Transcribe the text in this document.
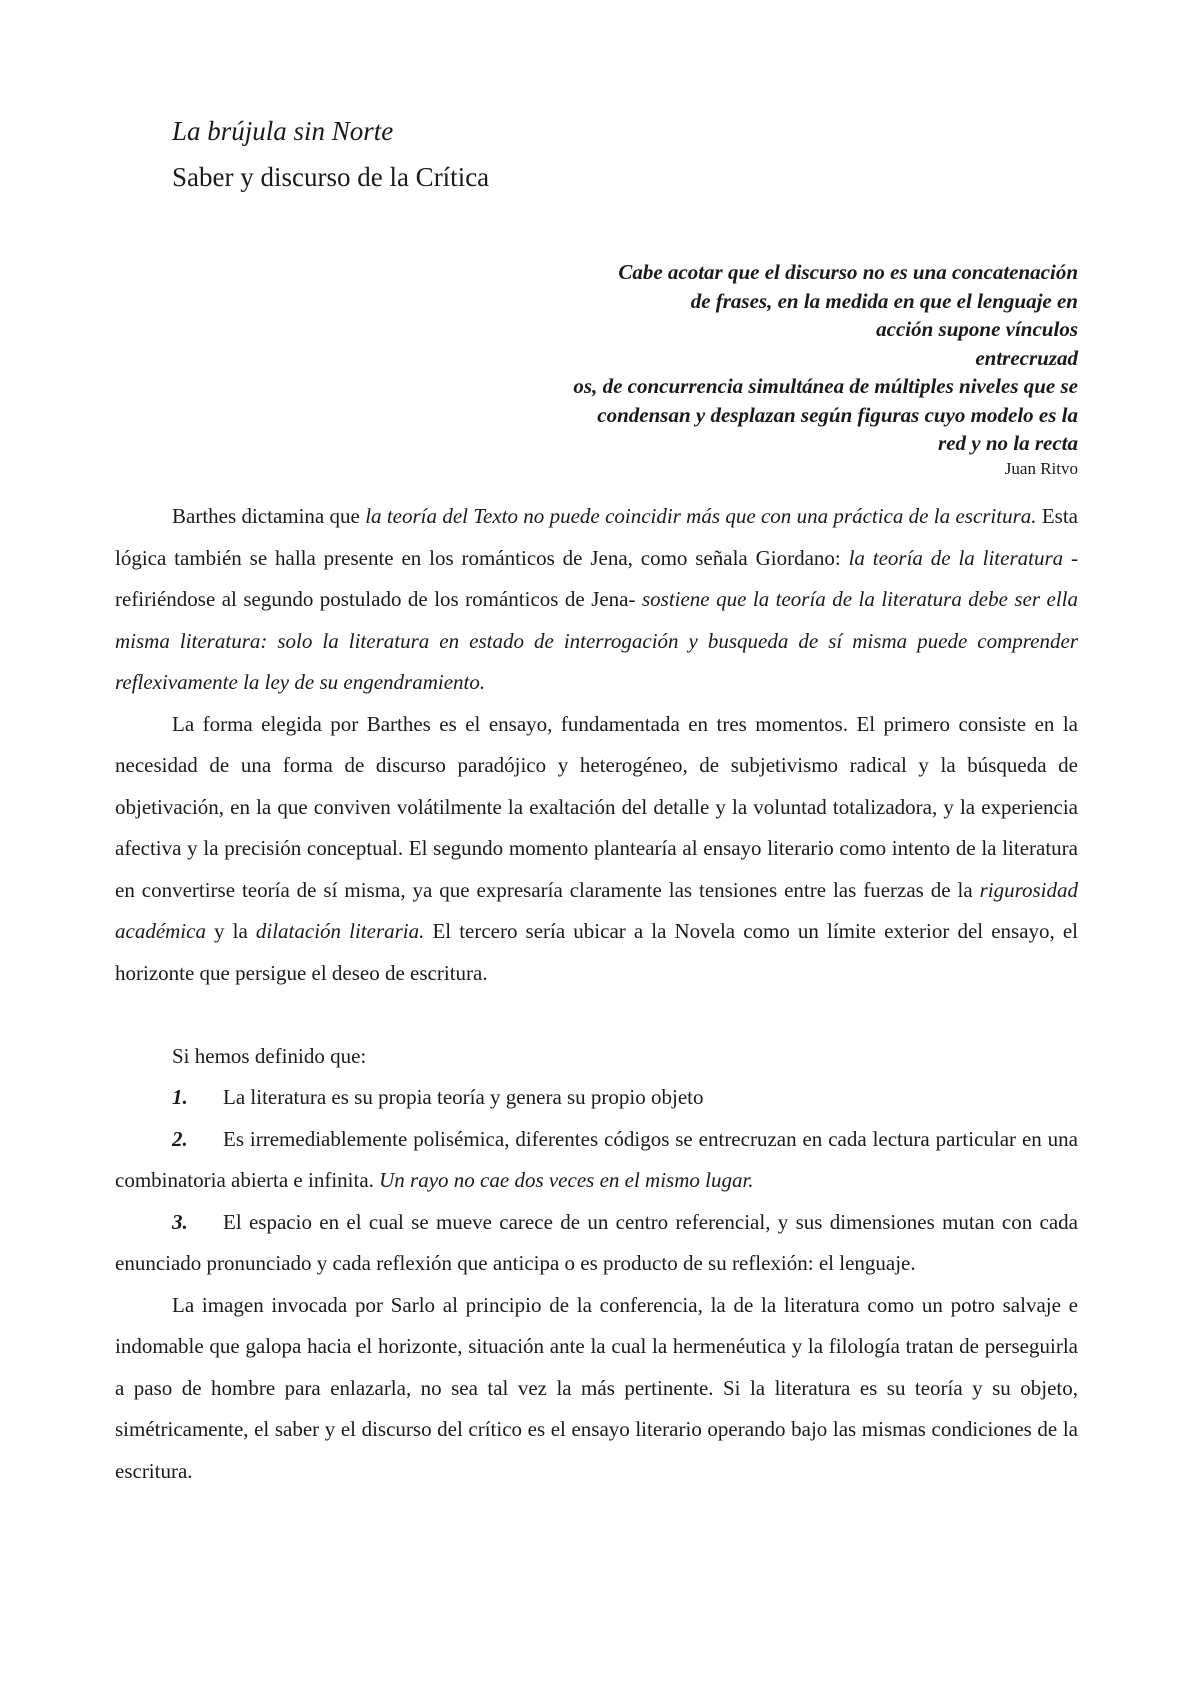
La brújula sin Norte
Saber y discurso de la Crítica
Cabe acotar que el discurso no es una concatenación
de frases, en la medida en que el lenguaje en
acción supone vínculos
entrecruzad
os, de concurrencia simultánea de múltiples niveles que se
condensan y desplazan según figuras cuyo modelo es la
red y no la recta
Juan Ritvo

Barthes dictamina que la teoría del Texto no puede coincidir más que con una práctica de la escritura. Esta lógica también se halla presente en los románticos de Jena, como señala Giordano: la teoría de la literatura -refiriéndose al segundo postulado de los románticos de Jena- sostiene que la teoría de la literatura debe ser ella misma literatura: solo la literatura en estado de interrogación y busqueda de sí misma puede comprender reflexivamente la ley de su engendramiento.

La forma elegida por Barthes es el ensayo, fundamentada en tres momentos. El primero consiste en la necesidad de una forma de discurso paradójico y heterogéneo, de subjetivismo radical y la búsqueda de objetivación, en la que conviven volátilmente la exaltación del detalle y la voluntad totalizadora, y la experiencia afectiva y la precisión conceptual. El segundo momento plantearía al ensayo literario como intento de la literatura en convertirse teoría de sí misma, ya que expresaría claramente las tensiones entre las fuerzas de la rigurosidad académica y la dilatación literaria. El tercero sería ubicar a la Novela como un límite exterior del ensayo, el horizonte que persigue el deseo de escritura.

Si hemos definido que:

1. La literatura es su propia teoría y genera su propio objeto

2. Es irremediablemente polisémica, diferentes códigos se entrecruzan en cada lectura particular en una combinatoria abierta e infinita. Un rayo no cae dos veces en el mismo lugar.

3. El espacio en el cual se mueve carece de un centro referencial, y sus dimensiones mutan con cada enunciado pronunciado y cada reflexión que anticipa o es producto de su reflexión: el lenguaje.

La imagen invocada por Sarlo al principio de la conferencia, la de la literatura como un potro salvaje e indomable que galopa hacia el horizonte, situación ante la cual la hermenéutica y la filología tratan de perseguirla a paso de hombre para enlazarla, no sea tal vez la más pertinente. Si la literatura es su teoría y su objeto, simétricamente, el saber y el discurso del crítico es el ensayo literario operando bajo las mismas condiciones de la escritura.
